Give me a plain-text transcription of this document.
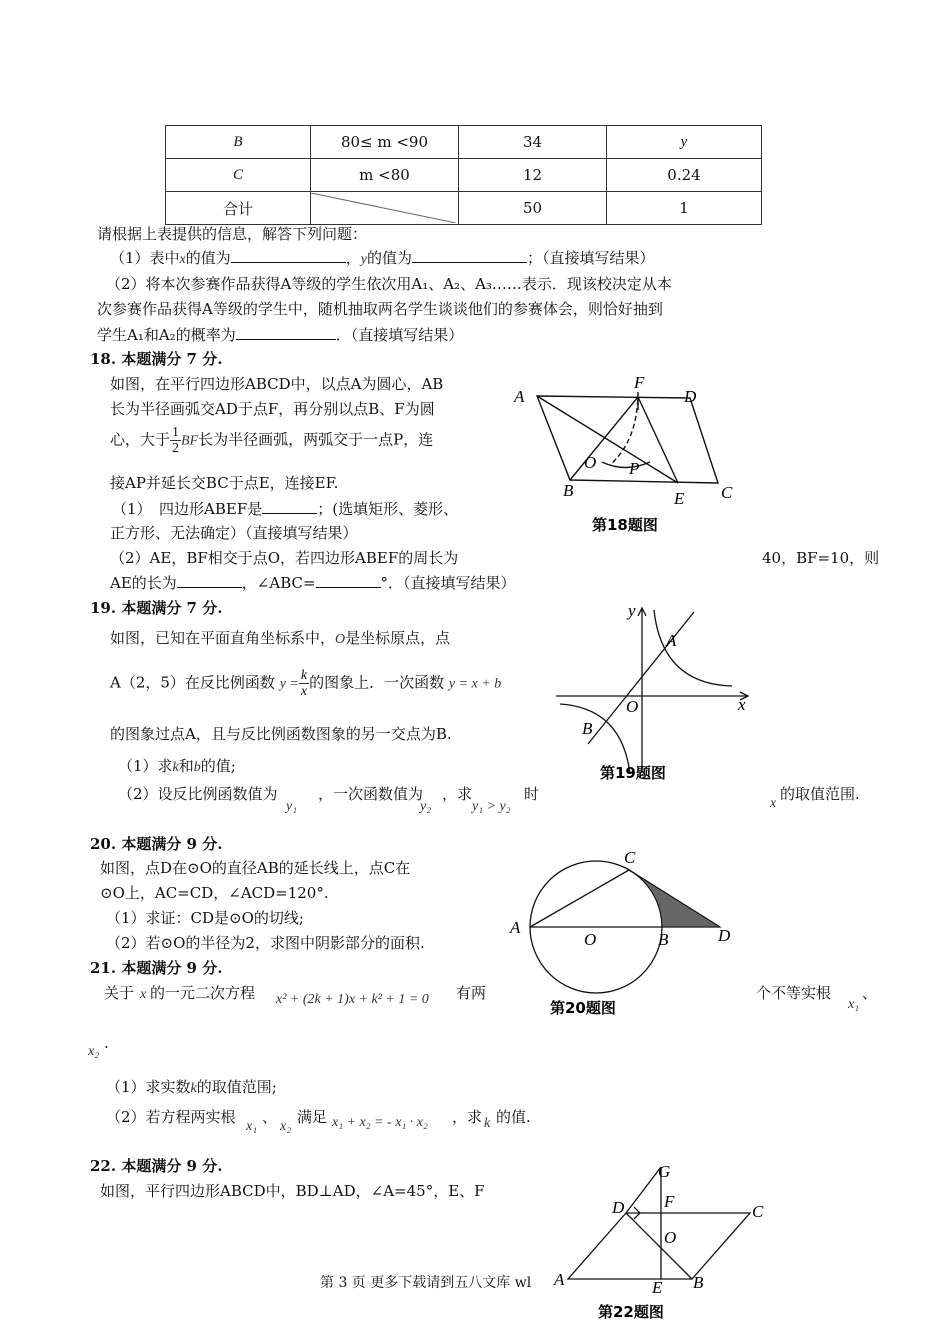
B	80≤ m <90	34	y
C	m <80	12	0.24
合计		50	1
请根据上表提供的信息，解答下列问题：
（1）表中x的值为	，y的值为	；（直接填写结果）
（2）将本次参赛作品获得A等级的学生依次用A₁、A₂、A₃……表示．现该校决定从本
次参赛作品获得A等级的学生中，随机抽取两名学生谈谈他们的参赛体会，则恰好抽到
学生A₁和A₂的概率为	．（直接填写结果）
18. 本题满分 7 分.
如图，在平行四边形ABCD中，以点A为圆心，AB
长为半径画弧交AD于点F，再分别以点B、F为圆
心，大于 $\frac{1}{2}$ BF长为半径画弧，两弧交于一点P，连
接AP并延长交BC于点E，连接EF.
（1）　四边形ABEF是	；(选填矩形、菱形、
正方形、无法确定）（直接填写结果）
（2）AE，BF相交于点O，若四边形ABEF的周长为	40，BF=10，则
AE的长为	，∠ABC=	°．（直接填写结果）
A
F
D
O P
B	E C
第18题图
19. 本题满分 7 分.
如图，已知在平面直角坐标系中，O是坐标原点，点
A（2，5）在反比例函数 $y = \frac{k}{x}$ 的图象上．一次函数 y = x + b
的图象过点A，且与反比例函数图象的另一交点为B.
（1）求k和b的值;
（2）设反比例函数值为
y₁
，一次函数值为
y₂
，求
y₁ > y₂
时
x
的取值范围.
y
x
A
O
B
第19题图
20. 本题满分 9 分.
如图，点D在⊙O的直径AB的延长线上，点C在
⊙O上，AC=CD，∠ACD=120°.
（1）求证：CD是⊙O的切线;
（2）若⊙O的半径为2，求图中阴影部分的面积.
A
O	B
C
D
第20题图
21. 本题满分 9 分.
关于 x 的一元二次方程 x² + (2k + 1)x + k² + 1 = 0 有两	个不等实根
x₁
、
x₂ .
（1）求实数k的取值范围;
（2）若方程两实根
x₁
、
x₂
满足 x₁ + x₂ = - x₁ · x₂ ，求 k 的值.
22. 本题满分 9 分.
如图，平行四边形ABCD中，BD⊥AD，∠A=45°，E、F
G
D F
C
O
A	E B
第22题图
第 3 页 更多下载请到五八文库 wl
